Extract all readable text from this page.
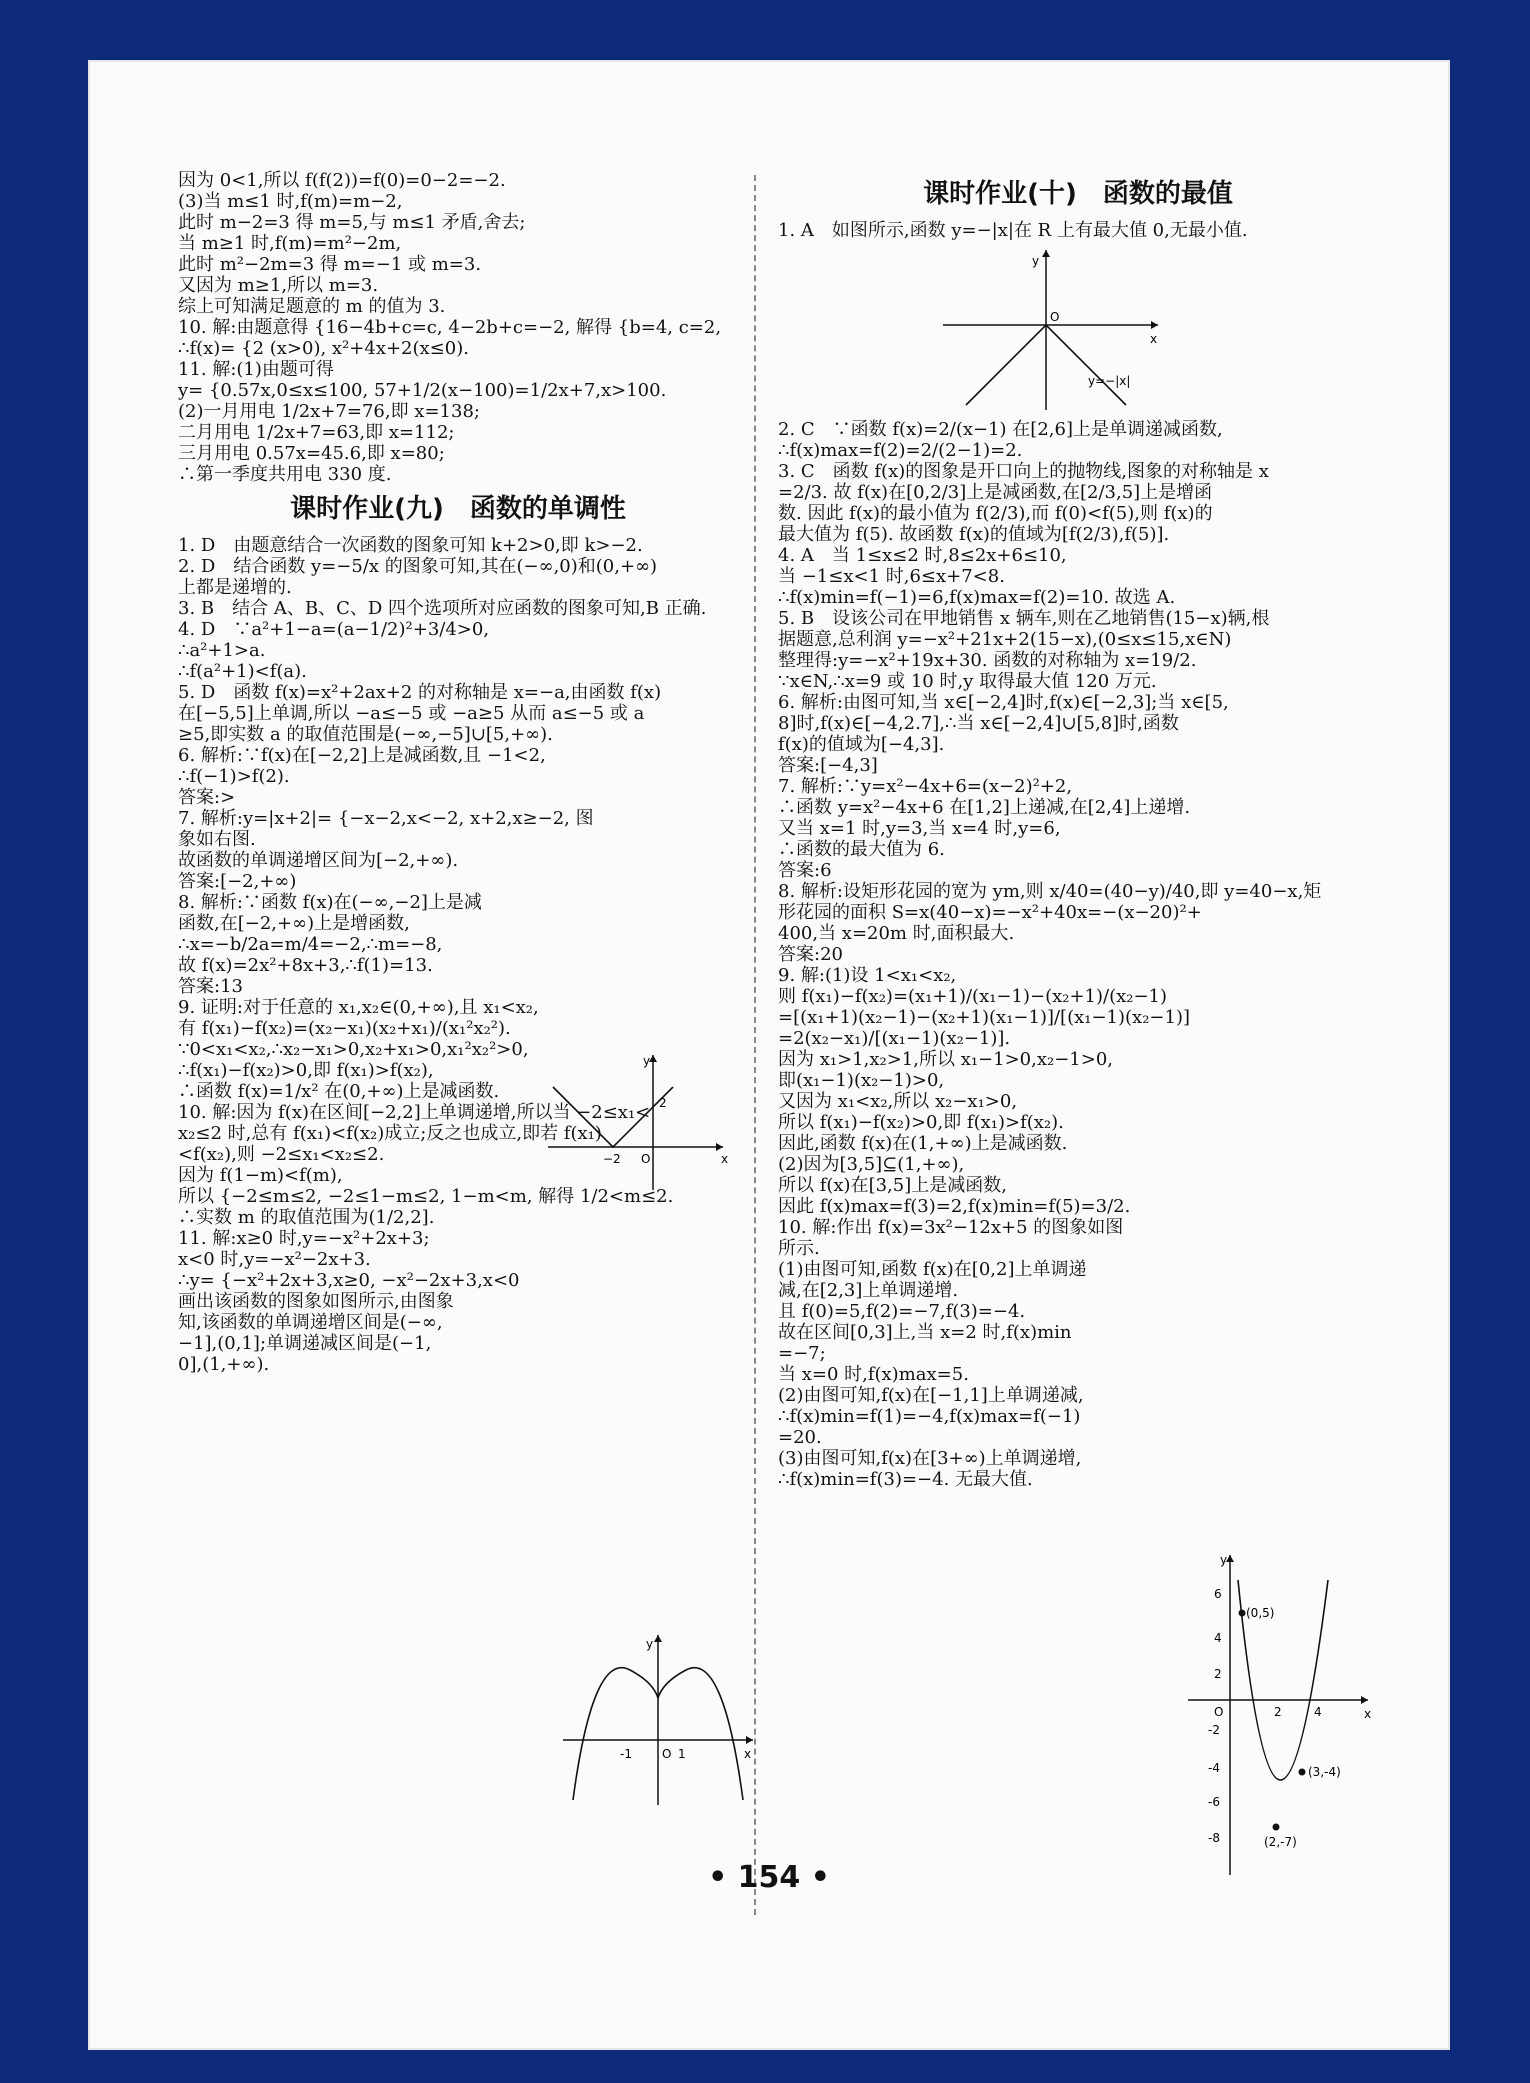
因为 0<1,所以 f(f(2))=f(0)=0−2=−2.
(3)当 m≤1 时,f(m)=m−2,
此时 m−2=3 得 m=5,与 m≤1 矛盾,舍去;
当 m≥1 时,f(m)=m²−2m,
此时 m²−2m=3 得 m=−1 或 m=3.
又因为 m≥1,所以 m=3.
综上可知满足题意的 m 的值为 3.
10. 解:由题意得 {16−4b+c=c, 4−2b+c=−2, 解得 {b=4, c=2,
∴f(x)= {2 (x>0), x²+4x+2(x≤0).
11. 解:(1)由题可得
y= {0.57x,0≤x≤100, 57+1/2(x−100)=1/2x+7,x>100.
(2)一月用电 1/2x+7=76,即 x=138;
二月用电 1/2x+7=63,即 x=112;
三月用电 0.57x=45.6,即 x=80;
∴第一季度共用电 330 度.
课时作业(九)　函数的单调性
1. D　由题意结合一次函数的图象可知 k+2>0,即 k>−2.
2. D　结合函数 y=−5/x 的图象可知,其在(−∞,0)和(0,+∞)
上都是递增的.
3. B　结合 A、B、C、D 四个选项所对应函数的图象可知,B 正确.
4. D　∵a²+1−a=(a−1/2)²+3/4>0,
∴a²+1>a.
∴f(a²+1)<f(a).
5. D　函数 f(x)=x²+2ax+2 的对称轴是 x=−a,由函数 f(x)
在[−5,5]上单调,所以 −a≤−5 或 −a≥5 从而 a≤−5 或 a
≥5,即实数 a 的取值范围是(−∞,−5]∪[5,+∞).
6. 解析:∵f(x)在[−2,2]上是减函数,且 −1<2,
∴f(−1)>f(2).
答案:>
7. 解析:y=|x+2|= {−x−2,x<−2, x+2,x≥−2, 图
象如右图.
故函数的单调递增区间为[−2,+∞).
答案:[−2,+∞)
8. 解析:∵函数 f(x)在(−∞,−2]上是减
函数,在[−2,+∞)上是增函数,
∴x=−b/2a=m/4=−2,∴m=−8,
故 f(x)=2x²+8x+3,∴f(1)=13.
答案:13
9. 证明:对于任意的 x₁,x₂∈(0,+∞),且 x₁<x₂,
有 f(x₁)−f(x₂)=(x₂−x₁)(x₂+x₁)/(x₁²x₂²).
∵0<x₁<x₂,∴x₂−x₁>0,x₂+x₁>0,x₁²x₂²>0,
∴f(x₁)−f(x₂)>0,即 f(x₁)>f(x₂),
∴函数 f(x)=1/x² 在(0,+∞)上是减函数.
10. 解:因为 f(x)在区间[−2,2]上单调递增,所以当 −2≤x₁<
x₂≤2 时,总有 f(x₁)<f(x₂)成立;反之也成立,即若 f(x₁)
<f(x₂),则 −2≤x₁<x₂≤2.
因为 f(1−m)<f(m),
所以 {−2≤m≤2, −2≤1−m≤2, 1−m<m, 解得 1/2<m≤2.
∴实数 m 的取值范围为(1/2,2].
11. 解:x≥0 时,y=−x²+2x+3;
x<0 时,y=−x²−2x+3.
∴y= {−x²+2x+3,x≥0, −x²−2x+3,x<0
画出该函数的图象如图所示,由图象
知,该函数的单调递增区间是(−∞,
−1],(0,1];单调递减区间是(−1,
0],(1,+∞).
y
x
−2 O
2
y
x
-1	O 1
课时作业(十)　函数的最值
1. A　如图所示,函数 y=−|x|在 R 上有最大值 0,无最小值.
y
x
O
y=−|x|
2. C　∵函数 f(x)=2/(x−1) 在[2,6]上是单调递减函数,
∴f(x)max=f(2)=2/(2−1)=2.
3. C　函数 f(x)的图象是开口向上的抛物线,图象的对称轴是 x
=2/3. 故 f(x)在[0,2/3]上是减函数,在[2/3,5]上是增函
数. 因此 f(x)的最小值为 f(2/3),而 f(0)<f(5),则 f(x)的
最大值为 f(5). 故函数 f(x)的值域为[f(2/3),f(5)].
4. A　当 1≤x≤2 时,8≤2x+6≤10,
当 −1≤x<1 时,6≤x+7<8.
∴f(x)min=f(−1)=6,f(x)max=f(2)=10. 故选 A.
5. B　设该公司在甲地销售 x 辆车,则在乙地销售(15−x)辆,根
据题意,总利润 y=−x²+21x+2(15−x),(0≤x≤15,x∈N)
整理得:y=−x²+19x+30. 函数的对称轴为 x=19/2.
∵x∈N,∴x=9 或 10 时,y 取得最大值 120 万元.
6. 解析:由图可知,当 x∈[−2,4]时,f(x)∈[−2,3];当 x∈[5,
8]时,f(x)∈[−4,2.7],∴当 x∈[−2,4]∪[5,8]时,函数
f(x)的值域为[−4,3].
答案:[−4,3]
7. 解析:∵y=x²−4x+6=(x−2)²+2,
∴函数 y=x²−4x+6 在[1,2]上递减,在[2,4]上递增.
又当 x=1 时,y=3,当 x=4 时,y=6,
∴函数的最大值为 6.
答案:6
8. 解析:设矩形花园的宽为 ym,则 x/40=(40−y)/40,即 y=40−x,矩
形花园的面积 S=x(40−x)=−x²+40x=−(x−20)²+
400,当 x=20m 时,面积最大.
答案:20
9. 解:(1)设 1<x₁<x₂,
则 f(x₁)−f(x₂)=(x₁+1)/(x₁−1)−(x₂+1)/(x₂−1)
=[(x₁+1)(x₂−1)−(x₂+1)(x₁−1)]/[(x₁−1)(x₂−1)]
=2(x₂−x₁)/[(x₁−1)(x₂−1)].
因为 x₁>1,x₂>1,所以 x₁−1>0,x₂−1>0,
即(x₁−1)(x₂−1)>0,
又因为 x₁<x₂,所以 x₂−x₁>0,
所以 f(x₁)−f(x₂)>0,即 f(x₁)>f(x₂).
因此,函数 f(x)在(1,+∞)上是减函数.
(2)因为[3,5]⊆(1,+∞),
所以 f(x)在[3,5]上是减函数,
因此 f(x)max=f(3)=2,f(x)min=f(5)=3/2.
10. 解:作出 f(x)=3x²−12x+5 的图象如图
所示.
(1)由图可知,函数 f(x)在[0,2]上单调递
减,在[2,3]上单调递增.
且 f(0)=5,f(2)=−7,f(3)=−4.
故在区间[0,3]上,当 x=2 时,f(x)min
=−7;
当 x=0 时,f(x)max=5.
(2)由图可知,f(x)在[−1,1]上单调递减,
∴f(x)min=f(1)=−4,f(x)max=f(−1)
=20.
(3)由图可知,f(x)在[3+∞)上单调递增,
∴f(x)min=f(3)=−4. 无最大值.
y
x
6
4
2
-2
-4
-6
-8
2	4
O
(0,5)
(3,-4)
(2,-7)
• 154 •
